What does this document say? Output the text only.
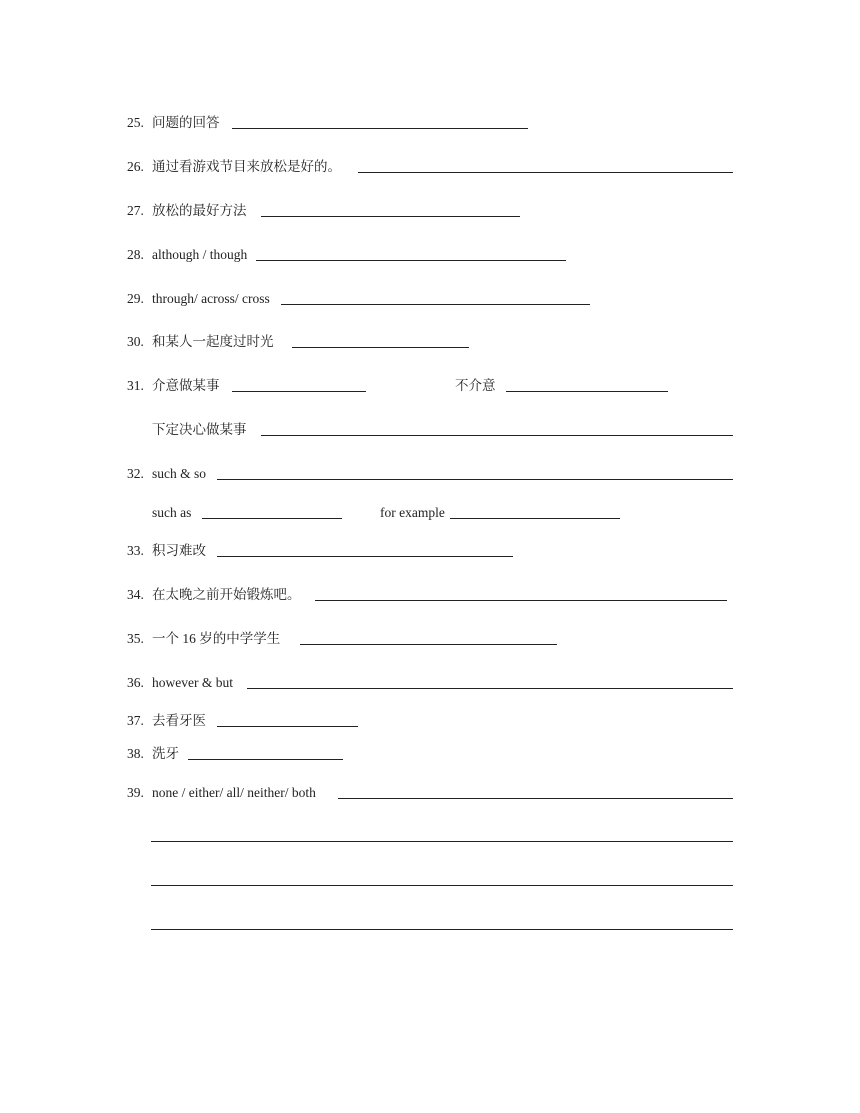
25. 问题的回答
26. 通过看游戏节目来放松是好的。
27. 放松的最好方法
28. although / though
29. through/ across/ cross
30. 和某人一起度过时光
31. 介意做某事	不介意
下定决心做某事
32. such & so
such as	for example
33. 积习难改
34. 在太晚之前开始锻炼吧。
35. 一个 16 岁的中学学生
36. however & but
37. 去看牙医
38. 洗牙
39. none / either/ all/ neither/ both
